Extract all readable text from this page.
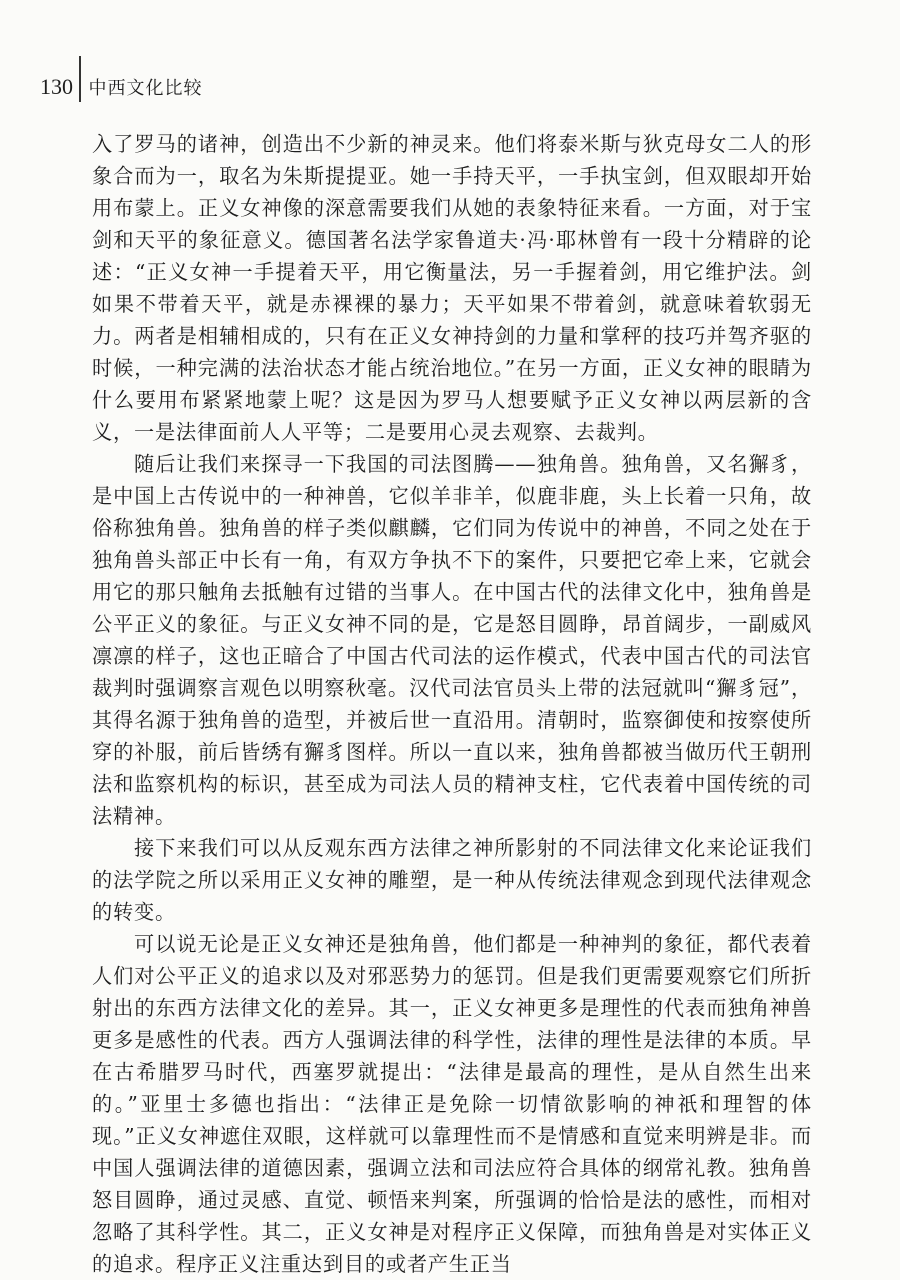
130 中西文化比较

入了罗马的诸神，创造出不少新的神灵来。他们将泰米斯与狄克母女二人的形象合而为一，取名为朱斯提提亚。她一手持天平，一手执宝剑，但双眼却开始用布蒙上。正义女神像的深意需要我们从她的表象特征来看。一方面，对于宝剑和天平的象征意义。德国著名法学家鲁道夫·冯·耶林曾有一段十分精辟的论述：“正义女神一手提着天平，用它衡量法，另一手握着剑，用它维护法。剑如果不带着天平，就是赤裸裸的暴力；天平如果不带着剑，就意味着软弱无力。两者是相辅相成的，只有在正义女神持剑的力量和掌秤的技巧并驾齐驱的时候，一种完满的法治状态才能占统治地位。”在另一方面，正义女神的眼睛为什么要用布紧紧地蒙上呢？这是因为罗马人想要赋予正义女神以两层新的含义，一是法律面前人人平等；二是要用心灵去观察、去裁判。

随后让我们来探寻一下我国的司法图腾——独角兽。独角兽，又名獬豸，是中国上古传说中的一种神兽，它似羊非羊，似鹿非鹿，头上长着一只角，故俗称独角兽。独角兽的样子类似麒麟，它们同为传说中的神兽，不同之处在于独角兽头部正中长有一角，有双方争执不下的案件，只要把它牵上来，它就会用它的那只触角去抵触有过错的当事人。在中国古代的法律文化中，独角兽是公平正义的象征。与正义女神不同的是，它是怒目圆睁，昂首阔步，一副威风凛凛的样子，这也正暗合了中国古代司法的运作模式，代表中国古代的司法官裁判时强调察言观色以明察秋毫。汉代司法官员头上带的法冠就叫“獬豸冠”，其得名源于独角兽的造型，并被后世一直沿用。清朝时，监察御使和按察使所穿的补服，前后皆绣有獬豸图样。所以一直以来，独角兽都被当做历代王朝刑法和监察机构的标识，甚至成为司法人员的精神支柱，它代表着中国传统的司法精神。

接下来我们可以从反观东西方法律之神所影射的不同法律文化来论证我们的法学院之所以采用正义女神的雕塑，是一种从传统法律观念到现代法律观念的转变。

可以说无论是正义女神还是独角兽，他们都是一种神判的象征，都代表着人们对公平正义的追求以及对邪恶势力的惩罚。但是我们更需要观察它们所折射出的东西方法律文化的差异。其一，正义女神更多是理性的代表而独角神兽更多是感性的代表。西方人强调法律的科学性，法律的理性是法律的本质。早在古希腊罗马时代，西塞罗就提出：“法律是最高的理性，是从自然生出来的。”亚里士多德也指出：“法律正是免除一切情欲影响的神祇和理智的体现。”正义女神遮住双眼，这样就可以靠理性而不是情感和直觉来明辨是非。而中国人强调法律的道德因素，强调立法和司法应符合具体的纲常礼教。独角兽怒目圆睁，通过灵感、直觉、顿悟来判案，所强调的恰恰是法的感性，而相对忽略了其科学性。其二，正义女神是对程序正义保障，而独角兽是对实体正义的追求。程序正义注重达到目的或者产生正当
